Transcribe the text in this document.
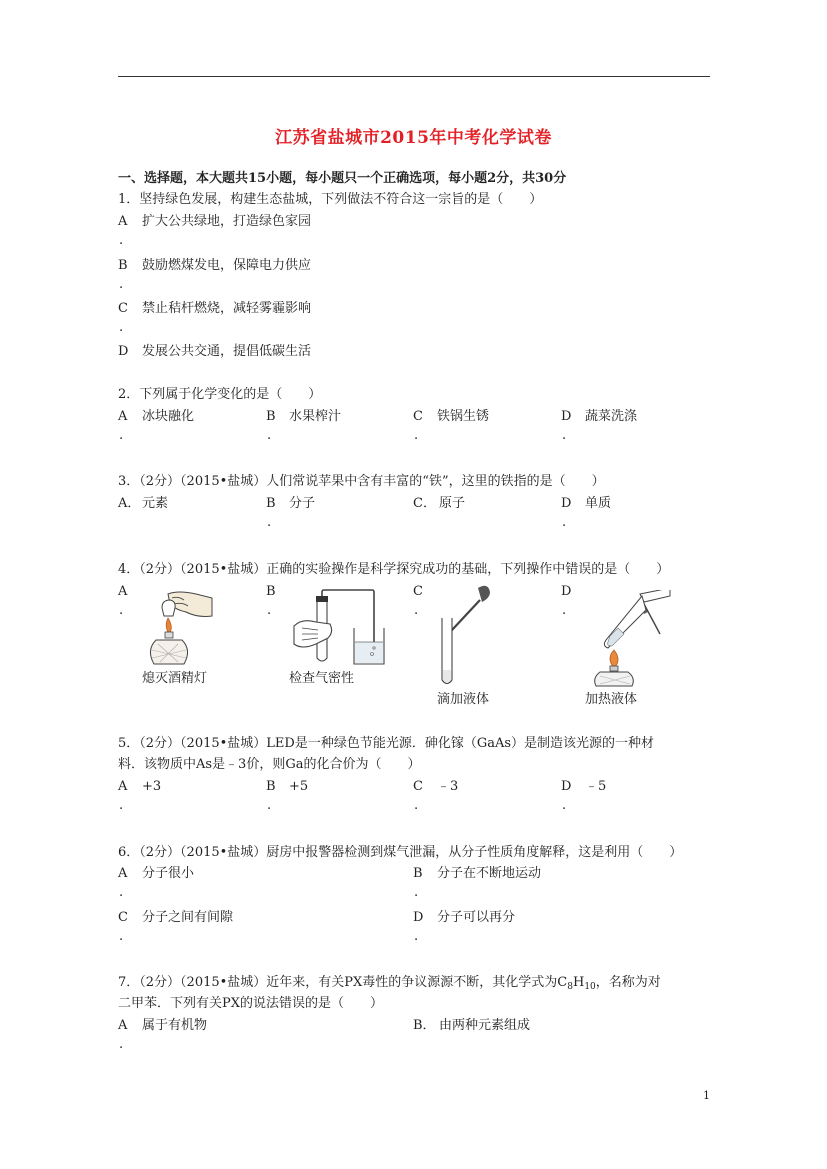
江苏省盐城市2015年中考化学试卷
一、选择题，本大题共15小题，每小题只一个正确选项，每小题2分，共30分
1．坚持绿色发展，构建生态盐城，下列做法不符合这一宗旨的是（　　）
A 扩大公共绿地，打造绿色家园
.
B 鼓励燃煤发电，保障电力供应
.
C 禁止秸杆燃烧，减轻雾霾影响
.
D 发展公共交通，提倡低碳生活
2．下列属于化学变化的是（　　）
A 冰块融化	B 水果榨汁	C 铁锅生锈	D 蔬菜洗涤
.	.	.	.
3．（2分）（2015•盐城）人们常说苹果中含有丰富的“铁”，这里的铁指的是（　　）
A． 元素	B 分子	C． 原子	D 单质
.	.
4．（2分）（2015•盐城）正确的实验操作是科学探究成功的基础，下列操作中错误的是（　　）
A	B	C	D
.	.	.	.
熄灭酒精灯	检查气密性
滴加液体	加热液体
5．（2分）（2015•盐城）LED是一种绿色节能光源．砷化镓（GaAs）是制造该光源的一种材
料．该物质中As是﹣3价，则Ga的化合价为（　　）
A +3	B +5	C ﹣3	D ﹣5
.	.	.	.
6．（2分）（2015•盐城）厨房中报警器检测到煤气泄漏，从分子性质角度解释，这是利用（　　）
A 分子很小	B 分子在不断地运动
.	.
C 分子之间有间隙	D 分子可以再分
.	.
7．（2分）（2015•盐城）近年来，有关PX毒性的争议源源不断，其化学式为$C_8H_{10}$，名称为对
二甲苯．下列有关PX的说法错误的是（　　）
A 属于有机物	B． 由两种元素组成
.
1
